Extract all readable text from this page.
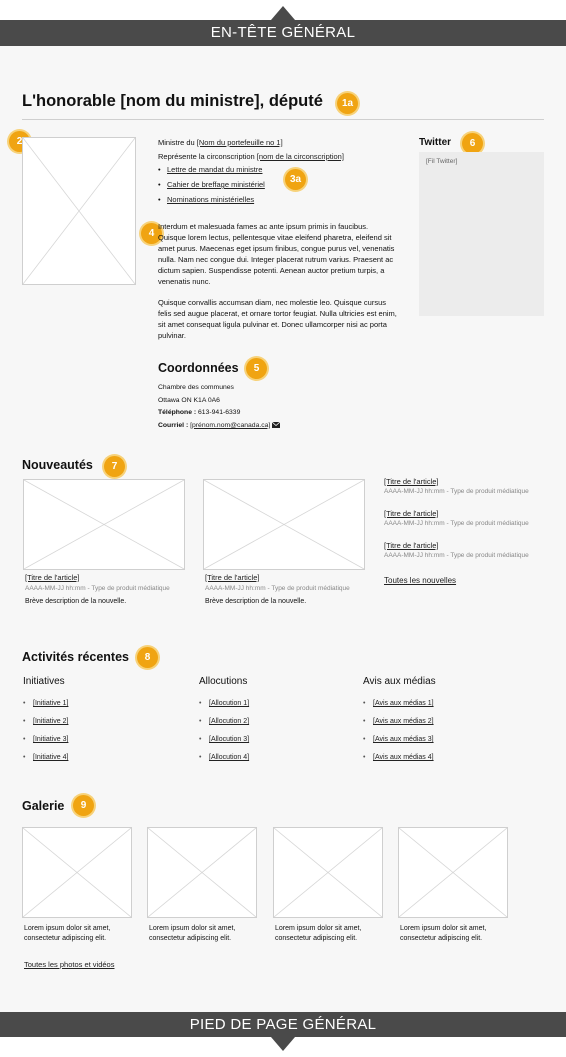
EN-TÊTE GÉNÉRAL
L'honorable [nom du ministre], député	1a
2	Ministre du [Nom du portefeuille no 1]
Représente la circonscription [nom de la circonscription]
• Lettre de mandat du ministre
• Cahier de breffage ministériel
• Nominations ministérielles
3a
4
Interdum et malesuada fames ac ante ipsum primis in faucibus. Quisque lorem lectus, pellentesque vitae eleifend pharetra, eleifend sit amet purus. Maecenas eget ipsum finibus, congue purus vel, venenatis nulla. Nam nec congue dui. Integer placerat rutrum varius. Praesent ac dictum sapien. Suspendisse potenti. Aenean auctor pretium turpis, a venenatis nunc.
Quisque convallis accumsan diam, nec molestie leo. Quisque cursus felis sed augue placerat, et ornare tortor feugiat. Nulla ultricies est enim, sit amet consequat ligula pulvinar et. Donec ullamcorper nisi ac porta pulvinar.
Coordonnées	5
Chambre des communes
Ottawa ON K1A 0A6
Téléphone : 613-941-6339
Courriel : [prénom.nom@canada.ca]
Twitter	6
[Fil Twitter]
Nouveautés	7
[Titre de l'article]
AAAA-MM-JJ hh:mm - Type de produit médiatique
Brève description de la nouvelle.
[Titre de l'article]
AAAA-MM-JJ hh:mm - Type de produit médiatique
Brève description de la nouvelle.
[Titre de l'article]
AAAA-MM-JJ hh:mm - Type de produit médiatique
[Titre de l'article]
AAAA-MM-JJ hh:mm - Type de produit médiatique
[Titre de l'article]
AAAA-MM-JJ hh:mm - Type de produit médiatique
Toutes les nouvelles
Activités récentes	8
Initiatives
• [Initiative 1]
• [Initiative 2]
• [Initiative 3]
• [Initiative 4]
Allocutions
• [Allocution 1]
• [Allocution 2]
• [Allocution 3]
• [Allocution 4]
Avis aux médias
• [Avis aux médias 1]
• [Avis aux médias 2]
• [Avis aux médias 3]
• [Avis aux médias 4]
Galerie	9
Lorem ipsum dolor sit amet, consectetur adipiscing elit.
Lorem ipsum dolor sit amet, consectetur adipiscing elit.
Lorem ipsum dolor sit amet, consectetur adipiscing elit.
Lorem ipsum dolor sit amet, consectetur adipiscing elit.
Toutes les photos et vidéos
PIED DE PAGE GÉNÉRAL
